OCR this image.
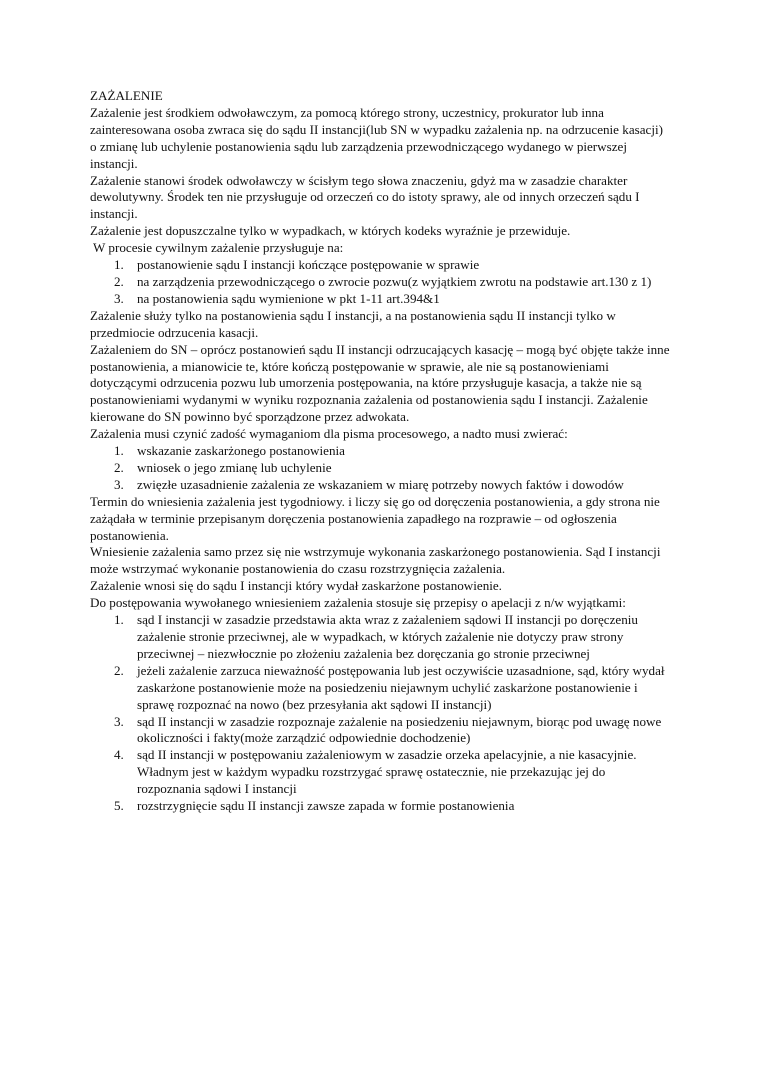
ZAŻALENIE

Zażalenie jest środkiem odwoławczym, za pomocą którego strony, uczestnicy, prokurator lub inna zainteresowana osoba zwraca się do sądu II instancji(lub SN w wypadku zażalenia np. na odrzucenie kasacji) o zmianę lub uchylenie postanowienia sądu lub zarządzenia przewodniczącego wydanego w pierwszej instancji.

Zażalenie stanowi środek odwoławczy w ścisłym tego słowa znaczeniu, gdyż ma w zasadzie charakter dewolutywny. Środek ten nie przysługuje od orzeczeń co do istoty sprawy, ale od innych orzeczeń sądu I instancji.

Zażalenie jest dopuszczalne tylko w wypadkach, w których kodeks wyraźnie je przewiduje.

W procesie cywilnym zażalenie przysługuje na:

1. postanowienie sądu I instancji kończące postępowanie w sprawie
2. na zarządzenia przewodniczącego o zwrocie pozwu(z wyjątkiem zwrotu na podstawie art.130 z 1)
3. na postanowienia sądu wymienione w pkt 1-11 art.394&1

Zażalenie służy tylko na postanowienia sądu I instancji, a na postanowienia sądu II instancji tylko w przedmiocie odrzucenia kasacji.

Zażaleniem do SN – oprócz postanowień sądu II instancji odrzucających kasację – mogą być objęte także inne postanowienia, a mianowicie te, które kończą postępowanie w sprawie, ale nie są postanowieniami dotyczącymi odrzucenia pozwu lub umorzenia postępowania, na które przysługuje kasacja, a także nie są postanowieniami wydanymi w wyniku rozpoznania zażalenia od postanowienia sądu I instancji. Zażalenie kierowane do SN powinno być sporządzone przez adwokata.

Zażalenia musi czynić zadość wymaganiom dla pisma procesowego, a nadto musi zwierać:

1. wskazanie zaskarżonego postanowienia
2. wniosek o jego zmianę lub uchylenie
3. zwięzłe uzasadnienie zażalenia ze wskazaniem w miarę potrzeby nowych faktów i dowodów

Termin do wniesienia zażalenia jest tygodniowy. i liczy się go od doręczenia postanowienia, a gdy strona nie zażądała w terminie przepisanym doręczenia postanowienia zapadłego na rozprawie – od ogłoszenia postanowienia.

Wniesienie zażalenia samo przez się nie wstrzymuje wykonania zaskarżonego postanowienia. Sąd I instancji może wstrzymać wykonanie postanowienia do czasu rozstrzygnięcia zażalenia.

Zażalenie wnosi się do sądu I instancji który wydał zaskarżone postanowienie.

Do postępowania wywołanego wniesieniem zażalenia stosuje się przepisy o apelacji z n/w wyjątkami:

1. sąd I instancji w zasadzie przedstawia akta wraz z zażaleniem sądowi II instancji po doręczeniu zażalenie stronie przeciwnej, ale w wypadkach, w których zażalenie nie dotyczy praw strony przeciwnej – niezwłocznie po złożeniu zażalenia bez doręczania go stronie przeciwnej
2. jeżeli zażalenie zarzuca nieważność postępowania lub jest oczywiście uzasadnione, sąd, który wydał zaskarżone postanowienie może na posiedzeniu niejawnym uchylić zaskarżone postanowienie i sprawę rozpoznać na nowo (bez przesyłania akt sądowi II instancji)
3. sąd II instancji w zasadzie rozpoznaje zażalenie na posiedzeniu niejawnym, biorąc pod uwagę nowe okoliczności i fakty(może zarządzić odpowiednie dochodzenie)
4. sąd II instancji w postępowaniu zażaleniowym w zasadzie orzeka apelacyjnie, a nie kasacyjnie. Władnym jest w każdym wypadku rozstrzygać sprawę ostatecznie, nie przekazując jej do rozpoznania sądowi I instancji
5. rozstrzygnięcie sądu II instancji zawsze zapada w formie postanowienia
